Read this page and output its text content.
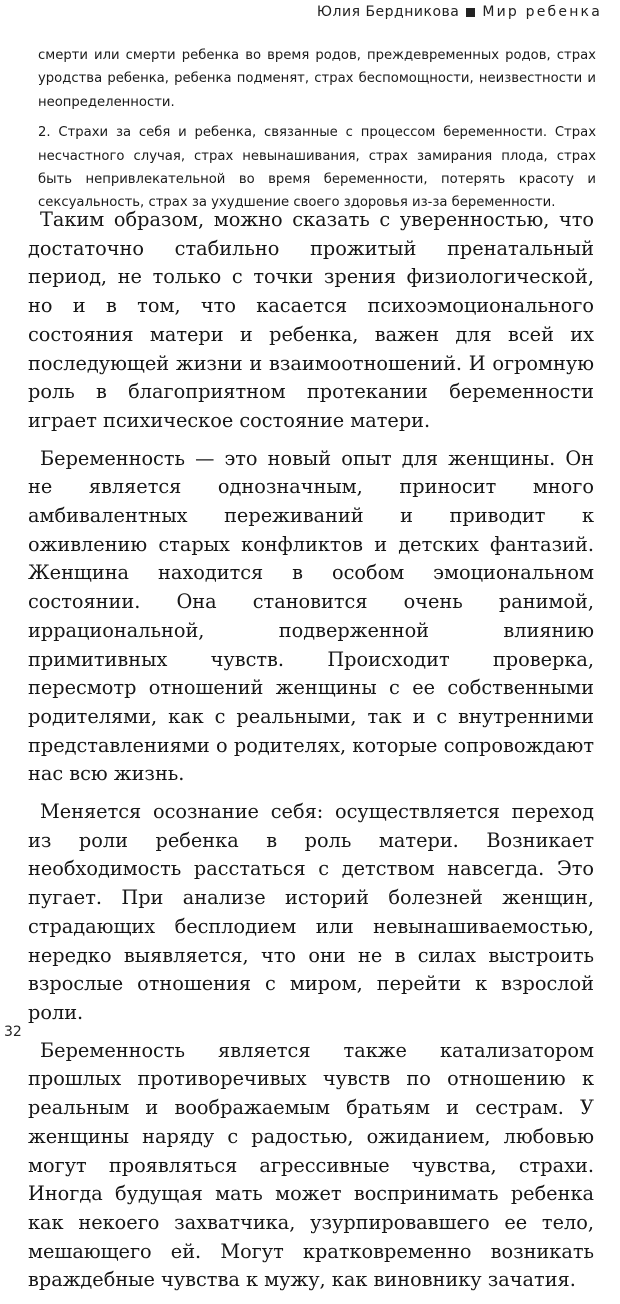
Юлия Бердникова Мир ребенка

смерти или смерти ребенка во время родов, преждевременных родов, страх уродства ребенка, ребенка подменят, страх беспомощности, неизвестности и неопределенности.

2. Страхи за себя и ребенка, связанные с процессом беременности. Страх несчастного случая, страх невынашивания, страх замирания плода, страх быть непривлекательной во время беременности, потерять красоту и сексуальность, страх за ухудшение своего здоровья из-за беременности.

Таким образом, можно сказать с уверенностью, что достаточно стабильно прожитый пренатальный период, не только с точки зрения физиологической, но и в том, что касается психоэмоционального состояния матери и ребенка, важен для всей их последующей жизни и взаимоотношений. И огромную роль в благоприятном протекании беременности играет психическое состояние матери.

Беременность — это новый опыт для женщины. Он не является однозначным, приносит много амбивалентных переживаний и приводит к оживлению старых конфликтов и детских фантазий. Женщина находится в особом эмоциональном состоянии. Она становится очень ранимой, иррациональной, подверженной влиянию примитивных чувств. Происходит проверка, пересмотр отношений женщины с ее собственными родителями, как с реальными, так и с внутренними представлениями о родителях, которые сопровождают нас всю жизнь.

Меняется осознание себя: осуществляется переход из роли ребенка в роль матери. Возникает необходимость расстаться с детством навсегда. Это пугает. При анализе историй болезней женщин, страдающих бесплодием или невынашиваемостью, нередко выявляется, что они не в силах выстроить взрослые отношения с миром, перейти к взрослой роли.

Беременность является также катализатором прошлых противоречивых чувств по отношению к реальным и воображаемым братьям и сестрам. У женщины наряду с радостью, ожиданием, любовью могут проявляться агрессивные чувства, страхи. Иногда будущая мать может воспринимать ребенка как некоего захватчика, узурпировавшего ее тело, мешающего ей. Могут кратковременно возникать враждебные чувства к мужу, как виновнику зачатия.

32
